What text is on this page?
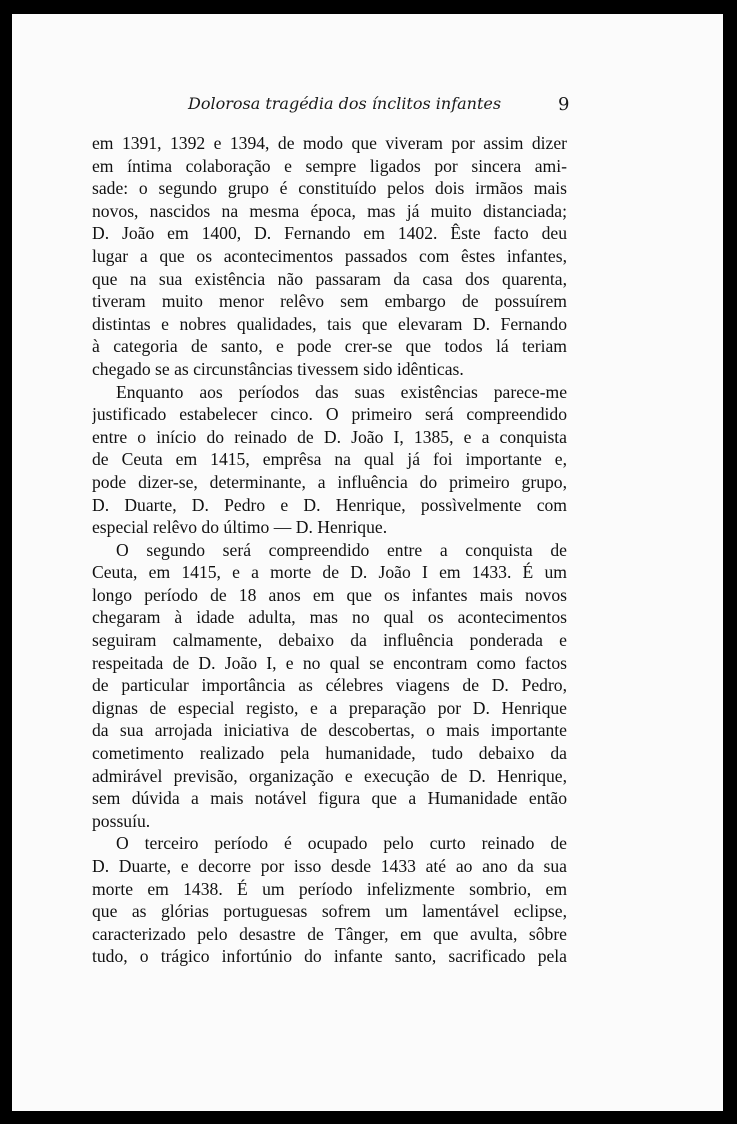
Dolorosa tragédia dos ínclitos infantes	9
em 1391, 1392 e 1394, de modo que viveram por assim dizer
em íntima colaboração e sempre ligados por sincera ami-
sade: o segundo grupo é constituído pelos dois irmãos mais
novos, nascidos na mesma época, mas já muito distanciada;
D. João em 1400, D. Fernando em 1402. Êste facto deu
lugar a que os acontecimentos passados com êstes infantes,
que na sua existência não passaram da casa dos quarenta,
tiveram muito menor relêvo sem embargo de possuírem
distintas e nobres qualidades, tais que elevaram D. Fernando
à categoria de santo, e pode crer-se que todos lá teriam
chegado se as circunstâncias tivessem sido idênticas.
Enquanto aos períodos das suas existências parece-me
justificado estabelecer cinco. O primeiro será compreendido
entre o início do reinado de D. João I, 1385, e a conquista
de Ceuta em 1415, emprêsa na qual já foi importante e,
pode dizer-se, determinante, a influência do primeiro grupo,
D. Duarte, D. Pedro e D. Henrique, possìvelmente com
especial relêvo do último — D. Henrique.
O segundo será compreendido entre a conquista de
Ceuta, em 1415, e a morte de D. João I em 1433. É um
longo período de 18 anos em que os infantes mais novos
chegaram à idade adulta, mas no qual os acontecimentos
seguiram calmamente, debaixo da influência ponderada e
respeitada de D. João I, e no qual se encontram como factos
de particular importância as célebres viagens de D. Pedro,
dignas de especial registo, e a preparação por D. Henrique
da sua arrojada iniciativa de descobertas, o mais importante
cometimento realizado pela humanidade, tudo debaixo da
admirável previsão, organização e execução de D. Henrique,
sem dúvida a mais notável figura que a Humanidade então
possuíu.
O terceiro período é ocupado pelo curto reinado de
D. Duarte, e decorre por isso desde 1433 até ao ano da sua
morte em 1438. É um período infelizmente sombrio, em
que as glórias portuguesas sofrem um lamentável eclipse,
caracterizado pelo desastre de Tânger, em que avulta, sôbre
tudo, o trágico infortúnio do infante santo, sacrificado pela
